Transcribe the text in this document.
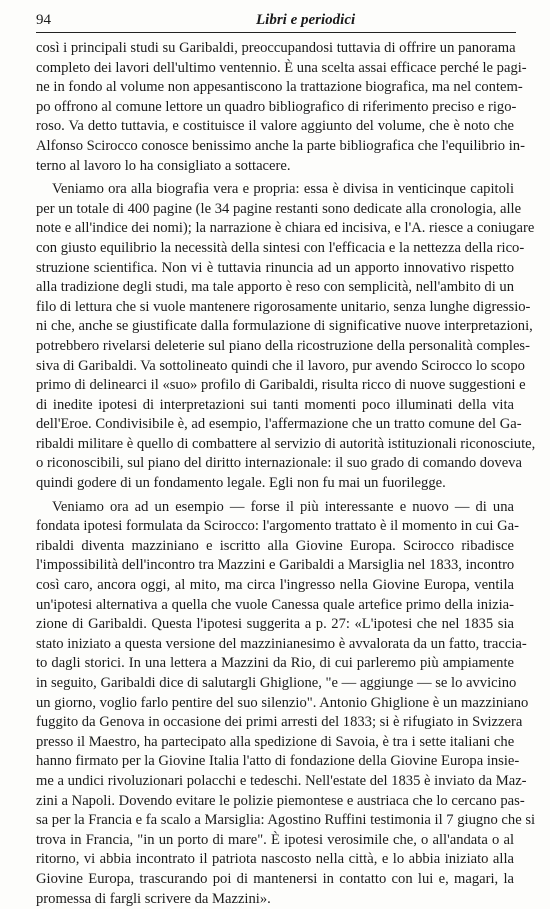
94	Libri e periodici
così i principali studi su Garibaldi, preoccupandosi tuttavia di offrire un panorama
completo dei lavori dell'ultimo ventennio. È una scelta assai efficace perché le pagi-
ne in fondo al volume non appesantiscono la trattazione biografica, ma nel contem-
po offrono al comune lettore un quadro bibliografico di riferimento preciso e rigo-
roso. Va detto tuttavia, e costituisce il valore aggiunto del volume, che è noto che
Alfonso Scirocco conosce benissimo anche la parte bibliografica che l'equilibrio in-
terno al lavoro lo ha consigliato a sottacere.
Veniamo ora alla biografia vera e propria: essa è divisa in venticinque capitoli
per un totale di 400 pagine (le 34 pagine restanti sono dedicate alla cronologia, alle
note e all'indice dei nomi); la narrazione è chiara ed incisiva, e l'A. riesce a coniugare
con giusto equilibrio la necessità della sintesi con l'efficacia e la nettezza della rico-
struzione scientifica. Non vi è tuttavia rinuncia ad un apporto innovativo rispetto
alla tradizione degli studi, ma tale apporto è reso con semplicità, nell'ambito di un
filo di lettura che si vuole mantenere rigorosamente unitario, senza lunghe digressio-
ni che, anche se giustificate dalla formulazione di significative nuove interpretazioni,
potrebbero rivelarsi deleterie sul piano della ricostruzione della personalità comples-
siva di Garibaldi. Va sottolineato quindi che il lavoro, pur avendo Scirocco lo scopo
primo di delinearci il «suo» profilo di Garibaldi, risulta ricco di nuove suggestioni e
di inedite ipotesi di interpretazioni sui tanti momenti poco illuminati della vita
dell'Eroe. Condivisibile è, ad esempio, l'affermazione che un tratto comune del Ga-
ribaldi militare è quello di combattere al servizio di autorità istituzionali riconosciute,
o riconoscibili, sul piano del diritto internazionale: il suo grado di comando doveva
quindi godere di un fondamento legale. Egli non fu mai un fuorilegge.
Veniamo ora ad un esempio — forse il più interessante e nuovo — di una
fondata ipotesi formulata da Scirocco: l'argomento trattato è il momento in cui Ga-
ribaldi diventa mazziniano e iscritto alla Giovine Europa. Scirocco ribadisce
l'impossibilità dell'incontro tra Mazzini e Garibaldi a Marsiglia nel 1833, incontro
così caro, ancora oggi, al mito, ma circa l'ingresso nella Giovine Europa, ventila
un'ipotesi alternativa a quella che vuole Canessa quale artefice primo della inizia-
zione di Garibaldi. Questa l'ipotesi suggerita a p. 27: «L'ipotesi che nel 1835 sia
stato iniziato a questa versione del mazzinianesimo è avvalorata da un fatto, traccia-
to dagli storici. In una lettera a Mazzini da Rio, di cui parleremo più ampiamente
in seguito, Garibaldi dice di salutargli Ghiglione, "e — aggiunge — se lo avvicino
un giorno, voglio farlo pentire del suo silenzio". Antonio Ghiglione è un mazziniano
fuggito da Genova in occasione dei primi arresti del 1833; si è rifugiato in Svizzera
presso il Maestro, ha partecipato alla spedizione di Savoia, è tra i sette italiani che
hanno firmato per la Giovine Italia l'atto di fondazione della Giovine Europa insie-
me a undici rivoluzionari polacchi e tedeschi. Nell'estate del 1835 è inviato da Maz-
zini a Napoli. Dovendo evitare le polizie piemontese e austriaca che lo cercano pas-
sa per la Francia e fa scalo a Marsiglia: Agostino Ruffini testimonia il 7 giugno che si
trova in Francia, "in un porto di mare". È ipotesi verosimile che, o all'andata o al
ritorno, vi abbia incontrato il patriota nascosto nella città, e lo abbia iniziato alla
Giovine Europa, trascurando poi di mantenersi in contatto con lui e, magari, la
promessa di fargli scrivere da Mazzini».
